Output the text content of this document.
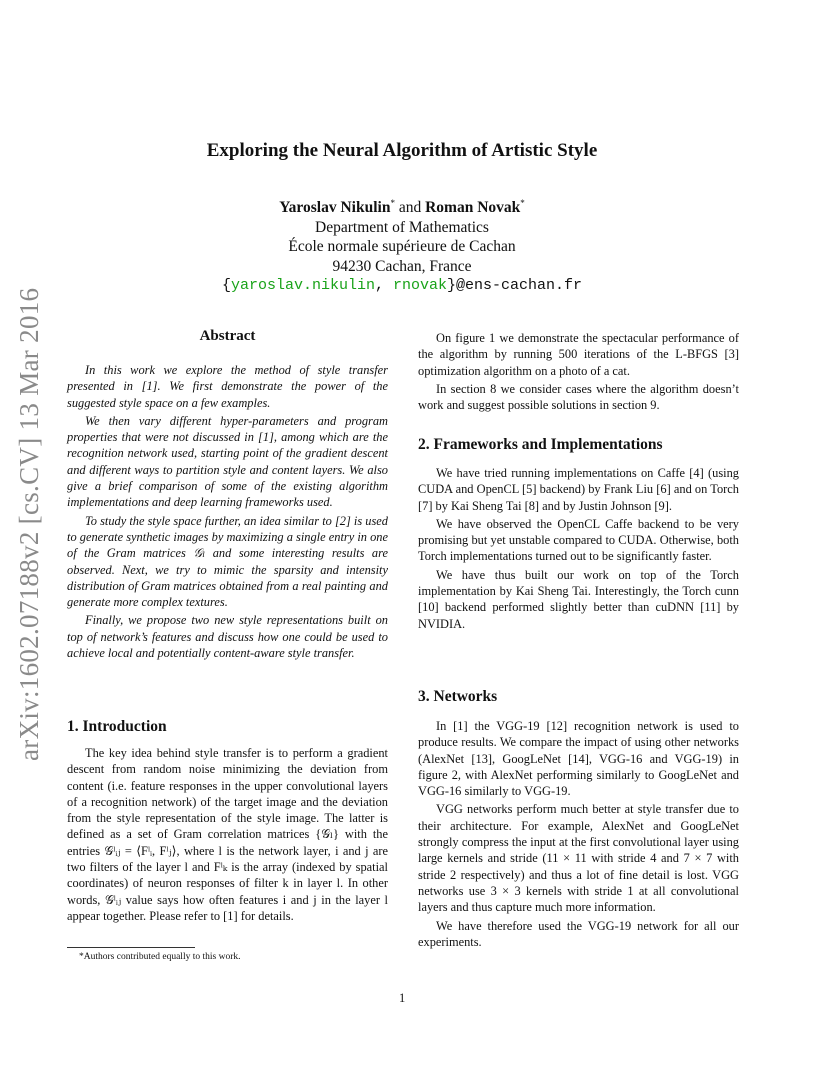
arXiv:1602.07188v2 [cs.CV] 13 Mar 2016
Exploring the Neural Algorithm of Artistic Style
Yaroslav Nikulin* and Roman Novak*
Department of Mathematics
École normale supérieure de Cachan
94230 Cachan, France
{yaroslav.nikulin, rnovak}@ens-cachan.fr
Abstract

In this work we explore the method of style transfer presented in [1]. We first demonstrate the power of the suggested style space on a few examples.

We then vary different hyper-parameters and program properties that were not discussed in [1], among which are the recognition network used, starting point of the gradient descent and different ways to partition style and content layers. We also give a brief comparison of some of the existing algorithm implementations and deep learning frameworks used.

To study the style space further, an idea similar to [2] is used to generate synthetic images by maximizing a single entry in one of the Gram matrices 𝒢ₗ and some interesting results are observed. Next, we try to mimic the sparsity and intensity distribution of Gram matrices obtained from a real painting and generate more complex textures.

Finally, we propose two new style representations built on top of network’s features and discuss how one could be used to achieve local and potentially content-aware style transfer.

1. Introduction

The key idea behind style transfer is to perform a gradient descent from random noise minimizing the deviation from content (i.e. feature responses in the upper convolutional layers of a recognition network) of the target image and the deviation from the style representation of the style image. The latter is defined as a set of Gram correlation matrices {𝒢ₗ} with the entries 𝒢ˡᵢⱼ = ⟨Fˡᵢ, Fˡⱼ⟩, where l is the network layer, i and j are two filters of the layer l and Fˡₖ is the array (indexed by spatial coordinates) of neuron responses of filter k in layer l. In other words, 𝒢ˡᵢⱼ value says how often features i and j in the layer l appear together. Please refer to [1] for details.

*Authors contributed equally to this work.

On figure 1 we demonstrate the spectacular performance of the algorithm by running 500 iterations of the L-BFGS [3] optimization algorithm on a photo of a cat.

In section 8 we consider cases where the algorithm doesn’t work and suggest possible solutions in section 9.

2. Frameworks and Implementations

We have tried running implementations on Caffe [4] (using CUDA and OpenCL [5] backend) by Frank Liu [6] and on Torch [7] by Kai Sheng Tai [8] and by Justin Johnson [9].

We have observed the OpenCL Caffe backend to be very promising but yet unstable compared to CUDA. Otherwise, both Torch implementations turned out to be significantly faster.

We have thus built our work on top of the Torch implementation by Kai Sheng Tai. Interestingly, the Torch cunn [10] backend performed slightly better than cuDNN [11] by NVIDIA.

3. Networks

In [1] the VGG-19 [12] recognition network is used to produce results. We compare the impact of using other networks (AlexNet [13], GoogLeNet [14], VGG-16 and VGG-19) in figure 2, with AlexNet performing similarly to GoogLeNet and VGG-16 similarly to VGG-19.

VGG networks perform much better at style transfer due to their architecture. For example, AlexNet and GoogLeNet strongly compress the input at the first convolutional layer using large kernels and stride (11 × 11 with stride 4 and 7 × 7 with stride 2 respectively) and thus a lot of fine detail is lost. VGG networks use 3 × 3 kernels with stride 1 at all convolutional layers and thus capture much more information.

We have therefore used the VGG-19 network for all our experiments.

1
